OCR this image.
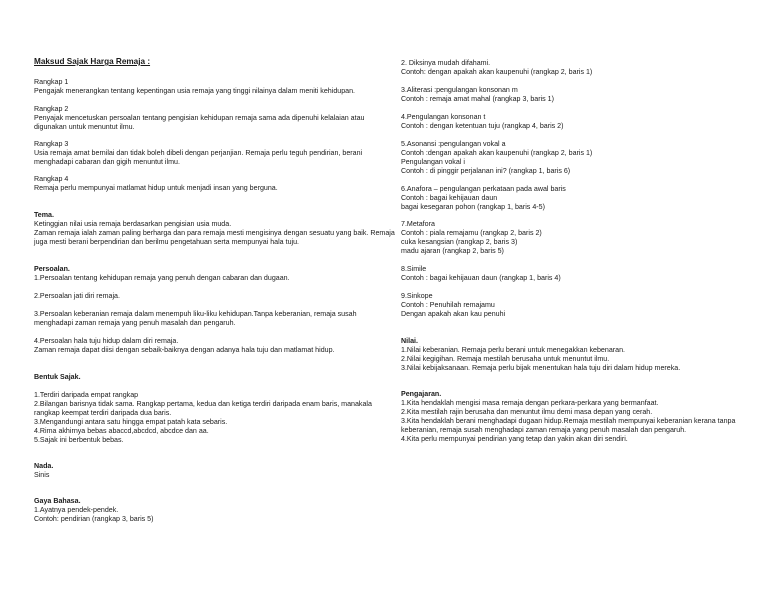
Maksud Sajak Harga Remaja :
Rangkap 1
Pengajak menerangkan tentang kepentingan usia remaja yang tinggi nilainya dalam meniti kehidupan.
Rangkap 2
Penyajak mencetuskan persoalan tentang pengisian kehidupan remaja sama ada dipenuhi kelalaian atau
digunakan untuk menuntut ilmu.
Rangkap 3
Usia remaja amat bernilai dan tidak boleh dibeli dengan perjanjian. Remaja perlu teguh pendirian, berani
menghadapi cabaran dan gigih menuntut ilmu.
Rangkap 4
Remaja perlu mempunyai matlamat hidup untuk menjadi insan yang berguna.
Tema.
Ketinggian nilai usia remaja berdasarkan pengisian usia muda.
Zaman remaja ialah zaman paling berharga dan para remaja mesti mengisinya dengan sesuatu yang baik. Remaja
juga mesti berani berpendirian dan berilmu pengetahuan serta mempunyai hala tuju.
Persoalan.
1.Persoalan tentang kehidupan remaja yang penuh dengan cabaran dan dugaan.
2.Persoalan jati diri remaja.
3.Persoalan keberanian remaja dalam menempuh liku-liku kehidupan.Tanpa keberanian, remaja susah
menghadapi zaman remaja yang penuh masalah dan pengaruh.
4.Persoalan hala tuju hidup dalam diri remaja.
Zaman remaja dapat diisi dengan sebaik-baiknya dengan adanya hala tuju dan matlamat hidup.
Bentuk Sajak.
1.Terdiri daripada empat rangkap
2.Bilangan barisnya tidak sama. Rangkap pertama, kedua dan ketiga terdiri daripada enam baris, manakala
rangkap keempat terdiri daripada dua baris.
3.Mengandungi antara satu hingga empat patah kata sebaris.
4.Rima akhirnya bebas abaccd,abcdcd, abcdce dan aa.
5.Sajak ini berbentuk bebas.
Nada.
Sinis
Gaya Bahasa.
1.Ayatnya pendek-pendek.
Contoh: pendirian (rangkap 3, baris 5)
2. Diksinya mudah difahami.
Contoh: dengan apakah akan kaupenuhi (rangkap 2, baris 1)
3.Aliterasi :pengulangan konsonan m
Contoh : remaja amat mahal (rangkap 3, baris 1)
4.Pengulangan konsonan t
Contoh : dengan ketentuan tuju (rangkap 4, baris 2)
5.Asonansi :pengulangan vokal a
Contoh :dengan apakah akan kaupenuhi (rangkap 2, baris 1)
Pengulangan vokal i
Contoh : di pinggir perjalanan ini? (rangkap 1, baris 6)
6.Anafora – pengulangan perkataan pada awal baris
Contoh : bagai kehijauan daun
bagai kesegaran pohon (rangkap 1, baris 4-5)
7.Metafora
Contoh : piala remajamu (rangkap 2, baris 2)
cuka kesangsian (rangkap 2, baris 3)
madu ajaran (rangkap 2, baris 5)
8.Simile
Contoh : bagai kehijauan daun (rangkap 1, baris 4)
9.Sinkope
Contoh : Penuhilah remajamu
Dengan apakah akan kau penuhi
Nilai.
1.Nilai keberanian. Remaja perlu berani untuk menegakkan kebenaran.
2.Nilai kegigihan. Remaja mestilah berusaha untuk menuntut ilmu.
3.Nilai kebijaksanaan. Remaja perlu bijak menentukan hala tuju diri dalam hidup mereka.
Pengajaran.
1.Kita hendaklah mengisi masa remaja dengan perkara-perkara yang bermanfaat.
2.Kita mestilah rajin berusaha dan menuntut ilmu demi masa depan yang cerah.
3.Kita hendaklah berani menghadapi dugaan hidup.Remaja mestilah mempunyai keberanian kerana tanpa
keberanian, remaja susah menghadapi zaman remaja yang penuh masalah dan pengaruh.
4.Kita perlu mempunyai pendirian yang tetap dan yakin akan diri sendiri.
